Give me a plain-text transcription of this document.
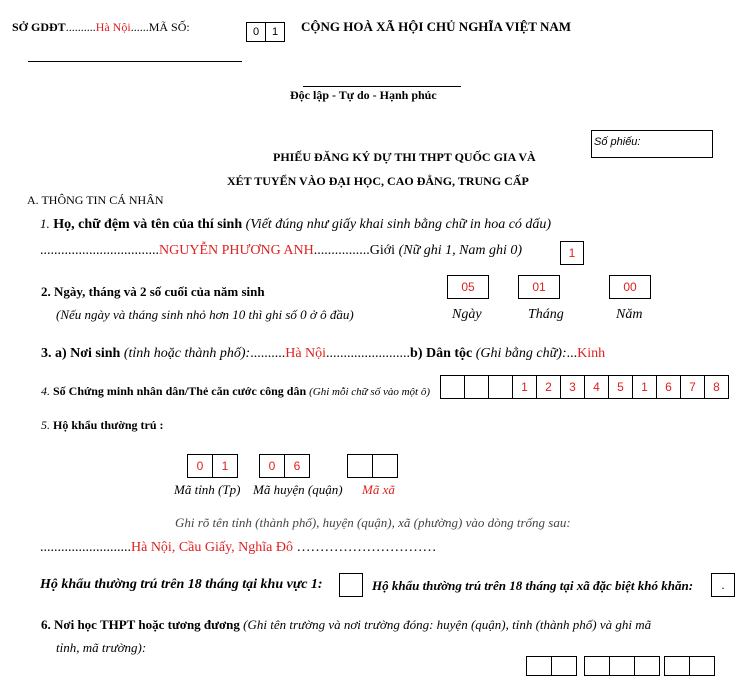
SỞ GDĐT..........Hà Nội......MÃ SỐ:	0	1	CỘNG HOÀ XÃ HỘI CHỦ NGHĨA VIỆT NAM
Độc lập - Tự do - Hạnh phúc
Số phiếu:
PHIẾU ĐĂNG KÝ DỰ THI THPT QUỐC GIA VÀ
XÉT TUYỂN VÀO ĐẠI HỌC, CAO ĐẲNG, TRUNG CẤP
A. THÔNG TIN CÁ NHÂN
1. Họ, chữ đệm và tên của thí sinh (Viết đúng như giấy khai sinh bằng chữ in hoa có dấu)
..................................NGUYỄN PHƯƠNG ANH................Giới (Nữ ghi 1, Nam ghi 0)	1
2. Ngày, tháng và 2 số cuối của năm sinh
(Nếu ngày và tháng sinh nhỏ hơn 10 thì ghi số 0 ở ô đầu)
05	01	00
Ngày	Tháng	Năm
3. a) Nơi sinh (tỉnh hoặc thành phố):..........Hà Nội........................b) Dân tộc (Ghi bằng chữ):...Kinh
4. Số Chứng minh nhân dân/Thẻ căn cước công dân (Ghi mỗi chữ số vào một ô)	1	2	3	4	5	1	6	7	8
5. Hộ khẩu thường trú :
0	1	0	6
Mã tỉnh (Tp) Mã huyện (quận) Mã xã
Ghi rõ tên tỉnh (thành phố), huyện (quận), xã (phường) vào dòng trống sau:
..........................Hà Nội, Cầu Giấy, Nghĩa Đô …………………………
Hộ khẩu thường trú trên 18 tháng tại khu vực 1:	Hộ khẩu thường trú trên 18 tháng tại xã đặc biệt khó khăn:	.
6. Nơi học THPT hoặc tương đương (Ghi tên trường và nơi trường đóng: huyện (quận), tỉnh (thành phố) và ghi mã
tỉnh, mã trường):
